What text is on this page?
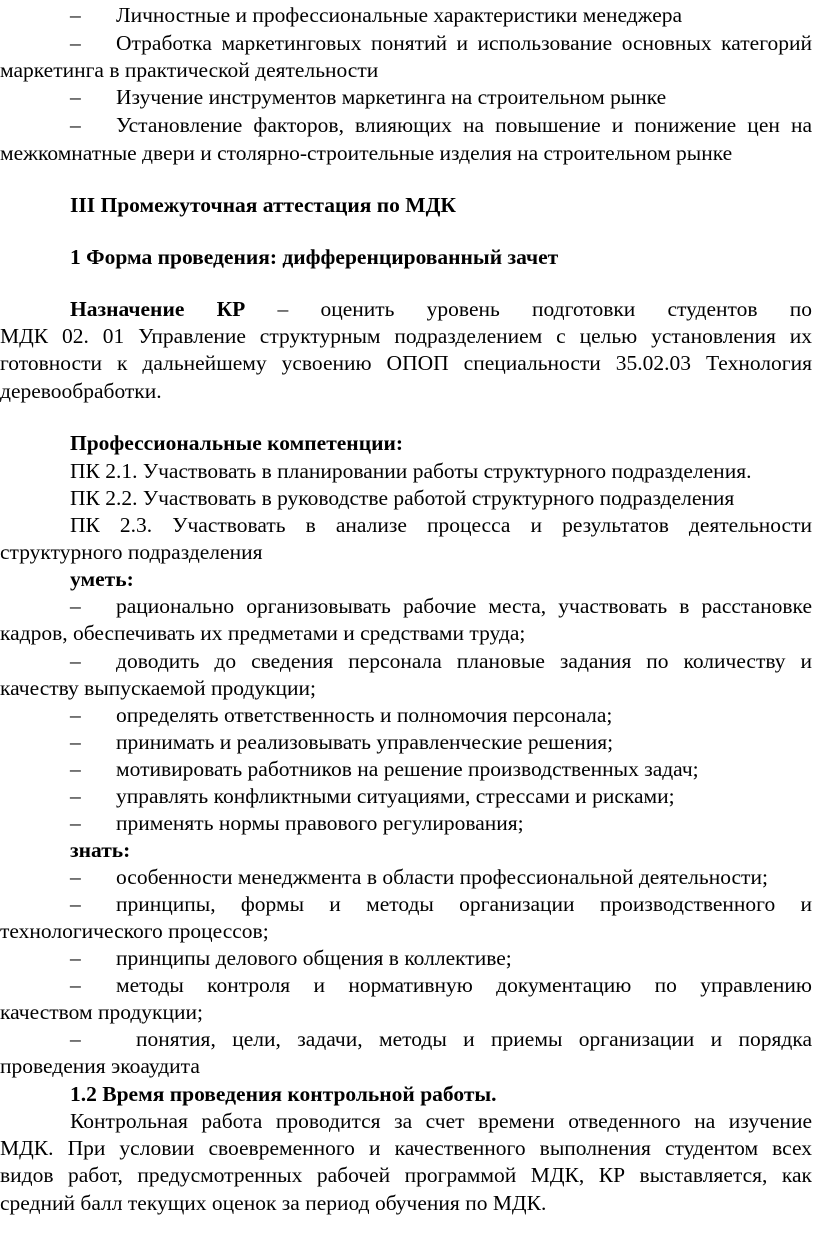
– Личностные и профессиональные характеристики менеджера
–	Отработка маркетинговых понятий и использование основных категорий
маркетинга в практической деятельности
– Изучение инструментов маркетинга на строительном рынке
–	Установление факторов, влияющих на повышение и понижение цен на
межкомнатные двери и столярно-строительные изделия на строительном рынке
III Промежуточная аттестация по МДК
1 Форма проведения: дифференцированный зачет
Назначение КР – оценить уровень подготовки студентов по
МДК 02. 01 Управление структурным подразделением с целью установления их
готовности к дальнейшему усвоению ОПОП специальности 35.02.03 Технология
деревообработки.
Профессиональные компетенции:
ПК 2.1. Участвовать в планировании работы структурного подразделения.
ПК 2.2. Участвовать в руководстве работой структурного подразделения
ПК 2.3. Участвовать в анализе процесса и результатов деятельности
структурного подразделения
уметь:
–	рационально организовывать рабочие места, участвовать в расстановке
кадров, обеспечивать их предметами и средствами труда;
–	доводить до сведения персонала плановые задания по количеству и
качеству выпускаемой продукции;
– определять ответственность и полномочия персонала;
– принимать и реализовывать управленческие решения;
– мотивировать работников на решение производственных задач;
– управлять конфликтными ситуациями, стрессами и рисками;
– применять нормы правового регулирования;
знать:
– особенности менеджмента в области профессиональной деятельности;
–	принципы, формы и методы организации производственного и
технологического процессов;
– принципы делового общения в коллективе;
–	методы контроля и нормативную документацию по управлению
качеством продукции;
–	понятия, цели, задачи, методы и приемы организации и порядка
проведения экоаудита
1.2 Время проведения контрольной работы.
Контрольная работа проводится за счет времени отведенного на изучение
МДК. При условии своевременного и качественного выполнения студентом всех
видов работ, предусмотренных рабочей программой МДК, КР выставляется, как
средний балл текущих оценок за период обучения по МДК.
